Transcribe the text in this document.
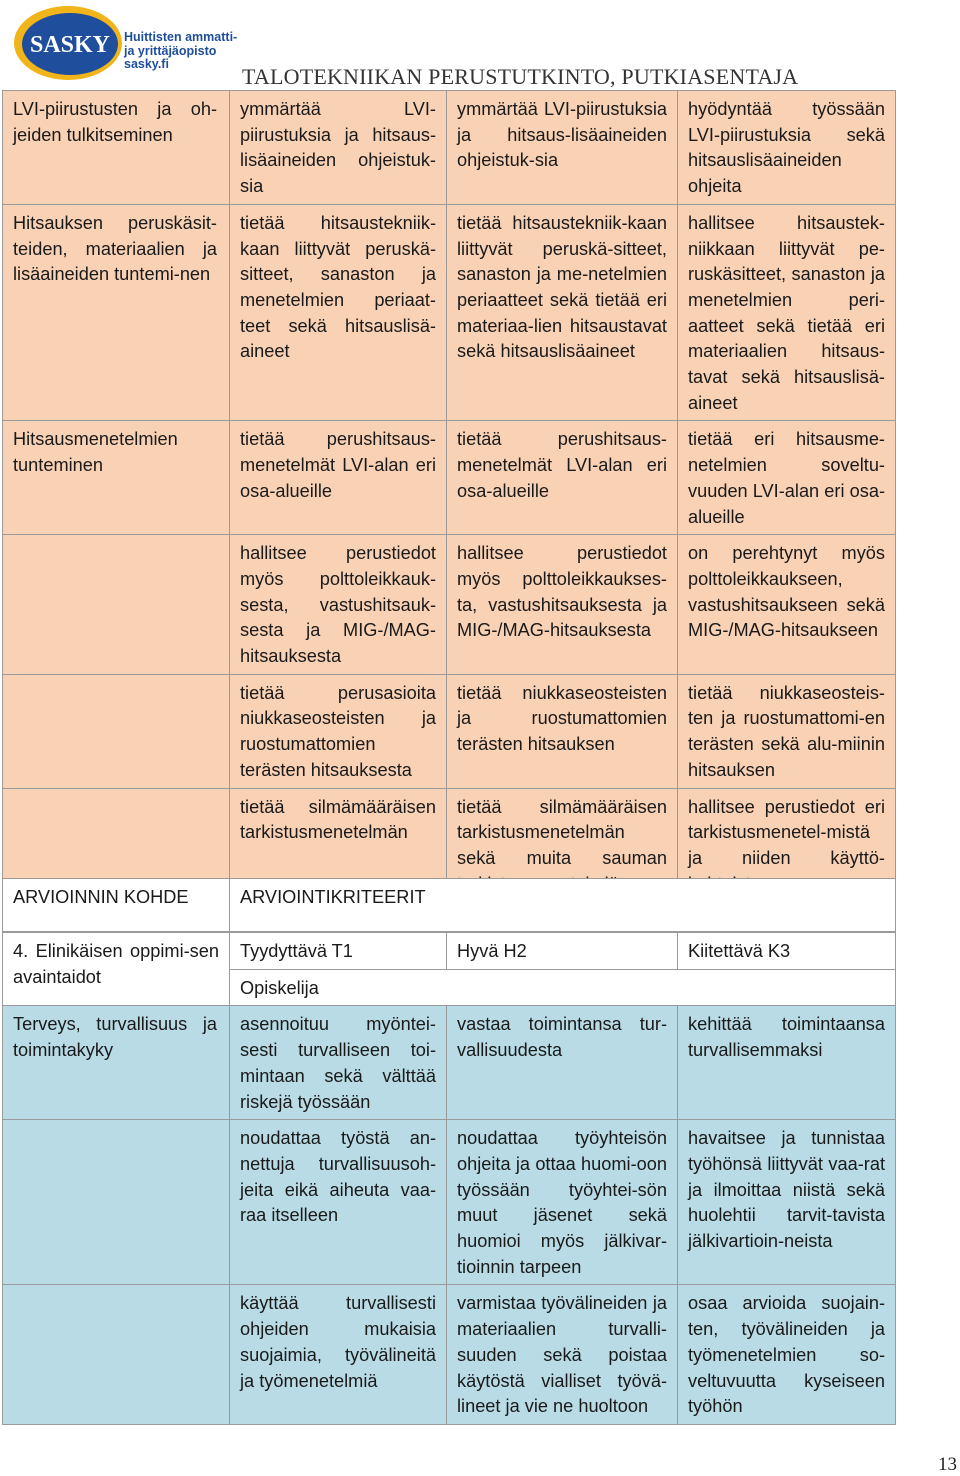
SASKY Huittisten ammatti-
ja yrittäjäopisto
sasky.fi	TALOTEKNIIKAN PERUSTUTKINTO, PUTKIASENTAJA
LVI-piirustusten ja oh-jeiden tulkitseminen	ymmärtää LVI-piirustuksia ja hitsaus-lisäaineiden ohjeistuk-sia	ymmärtää LVI-piirustuksia ja hitsaus-lisäaineiden ohjeistuk-sia	hyödyntää työssään LVI-piirustuksia sekä hitsauslisäaineiden ohjeita
Hitsauksen peruskäsit-teiden, materiaalien ja lisäaineiden tuntemi-nen	tietää hitsaustekniik-kaan liittyvät peruskä-sitteet, sanaston ja menetelmien periaat-teet sekä hitsauslisä-aineet	tietää hitsaustekniik-kaan liittyvät peruskä-sitteet, sanaston ja me-netelmien periaatteet sekä tietää eri materiaa-lien hitsaustavat sekä hitsauslisäaineet	hallitsee hitsaustek-niikkaan liittyvät pe-ruskäsitteet, sanaston ja menetelmien peri-aatteet sekä tietää eri materiaalien hitsaus-tavat sekä hitsauslisä-aineet
Hitsausmenetelmien tunteminen	tietää perushitsaus-menetelmät LVI-alan eri osa-alueille	tietää perushitsaus-menetelmät LVI-alan eri osa-alueille	tietää eri hitsausme-netelmien soveltu-vuuden LVI-alan eri osa-alueille
	hallitsee perustiedot myös polttoleikkauk-sesta, vastushitsauk-sesta ja MIG-/MAG-hitsauksesta	hallitsee perustiedot myös polttoleikkaukses-ta, vastushitsauksesta ja MIG-/MAG-hitsauksesta	on perehtynyt myös polttoleikkaukseen, vastushitsaukseen sekä MIG-/MAG-hitsaukseen
	tietää perusasioita niukkaseosteisten ja ruostumattomien terästen hitsauksesta	tietää niukkaseosteisten ja ruostumattomien terästen hitsauksen	tietää niukkaseosteis-ten ja ruostumattomi-en terästen sekä alu-miinin hitsauksen
	tietää silmämääräisen tarkistusmenetelmän	tietää silmämääräisen tarkistusmenetelmän sekä muita sauman	hallitsee perustiedot eri tarkistusmenetel-mistä ja niiden käyttö-
ARVIOINNIN KOHDE	ARVIOINTIKRITEERIT		

4. Elinikäisen oppimi-sen avaintaidot	Tyydyttävä T1	Hyvä H2	Kiitettävä K3
	Opiskelija		
Terveys, turvallisuus ja toimintakyky	asennoituu myöntei-sesti turvalliseen toi-mintaan sekä välttää riskejä työssään	vastaa toimintansa tur-vallisuudesta	kehittää toimintaansa turvallisemmaksi
	noudattaa työstä an-nettuja turvallisuusoh-jeita eikä aiheuta vaa-raa itselleen	noudattaa työyhteisön ohjeita ja ottaa huomi-oon työssään työyhtei-sön muut jäsenet sekä huomioi myös jälkivar-tioinnin tarpeen	havaitsee ja tunnistaa työhönsä liittyvät vaa-rat ja ilmoittaa niistä sekä huolehtii tarvit-tavista jälkivartioin-neista
	käyttää turvallisesti ohjeiden mukaisia suojaimia, työvälineitä ja työmenetelmiä	varmistaa työvälineiden ja materiaalien turvalli-suuden sekä poistaa käytöstä vialliset työvä-lineet ja vie ne huoltoon	osaa arvioida suojain-ten, työvälineiden ja työmenetelmien so-veltuvuutta kyseiseen työhön
13
